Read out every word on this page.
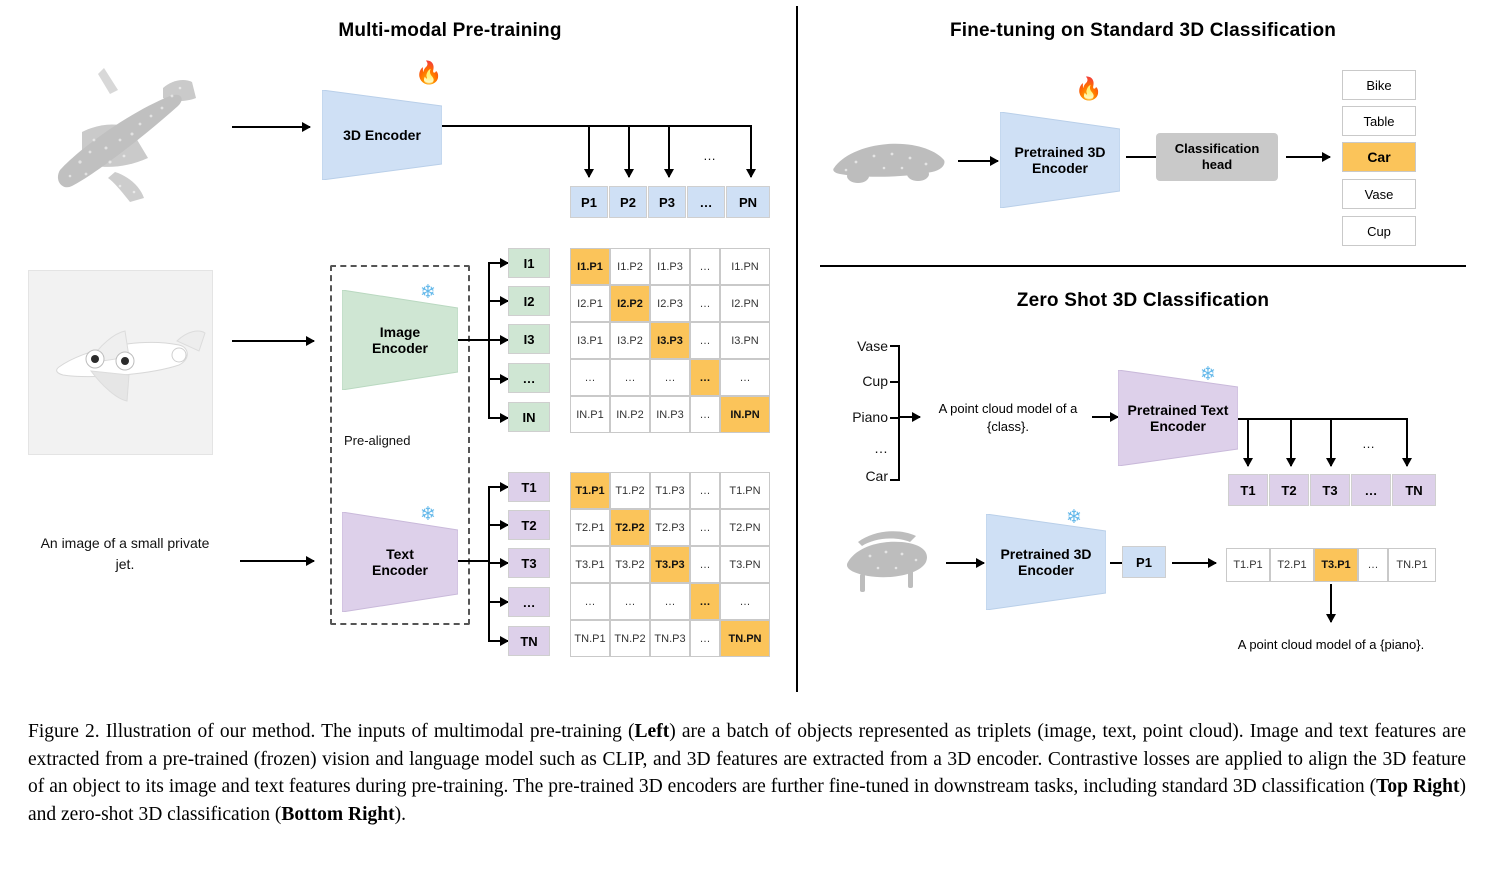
Multi-modal Pre-training
3D Encoder
🔥
…
P1	P2	P3	…	PN
Pre-aligned
Image
Encoder
❄
An image of a small private jet.
Text
Encoder
❄
I1
I2
I3
…
IN
T1
T2
T3
…
TN
I1.P1	I1.P2	I1.P3	…	I1.PN
I2.P1	I2.P2	I2.P3	…	I2.PN
I3.P1	I3.P2	I3.P3	…	I3.PN
…	…	…	…	…
IN.P1	IN.P2	IN.P3	…	IN.PN
T1.P1 T1.P2 T1.P3	…	T1.PN
T2.P1 T2.P2 T2.P3	…	T2.PN
T3.P1 T3.P2 T3.P3	…	T3.PN
…	…	…	…	…
TN.P1 TN.P2 TN.P3	…	TN.PN
Fine-tuning on Standard 3D Classification
Pretrained 3D
Encoder
🔥
Classification
head
Bike
Table
Car
Vase
Cup
Zero Shot 3D Classification
Vase
Cup
Piano
…
Car
A point cloud model of a {class}.
Pretrained Text
Encoder
❄
…
T1	T2	T3	…	TN
Pretrained 3D
Encoder
❄
P1	T1.P1	T2.P1	T3.P1	…	TN.P1
A point cloud model of a {piano}.
Figure 2. Illustration of our method. The inputs of multimodal pre-training (Left) are a batch of objects represented as triplets (image, text, point cloud). Image and text features are extracted from a pre-trained (frozen) vision and language model such as CLIP, and 3D features are extracted from a 3D encoder. Contrastive losses are applied to align the 3D feature of an object to its image and text features during pre-training. The pre-trained 3D encoders are further fine-tuned in downstream tasks, including standard 3D classification (Top Right) and zero-shot 3D classification (Bottom Right).
